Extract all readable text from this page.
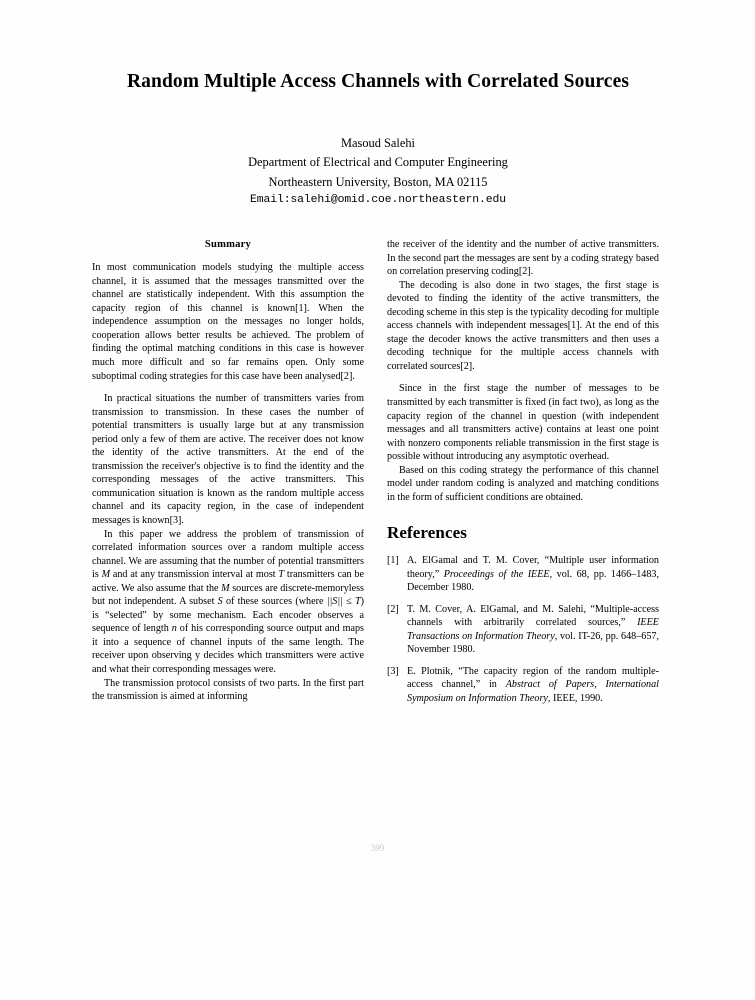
Random Multiple Access Channels with Correlated Sources
Masoud Salehi
Department of Electrical and Computer Engineering
Northeastern University, Boston, MA 02115
Email:salehi@omid.coe.northeastern.edu
Summary

In most communication models studying the multiple access channel, it is assumed that the messages transmitted over the channel are statistically independent. With this assumption the capacity region of this channel is known[1]. When the independence assumption on the messages no longer holds, cooperation allows better results be achieved. The problem of finding the optimal matching conditions in this case is however much more difficult and so far remains open. Only some suboptimal coding strategies for this case have been analysed[2].

In practical situations the number of transmitters varies from transmission to transmission. In these cases the number of potential transmitters is usually large but at any transmission period only a few of them are active. The receiver does not know the identity of the active transmitters. At the end of the transmission the receiver's objective is to find the identity and the corresponding messages of the active transmitters. This communication situation is known as the random multiple access channel and its capacity region, in the case of independent messages is known[3].

In this paper we address the problem of transmission of correlated information sources over a random multiple access channel. We are assuming that the number of potential transmitters is M and at any transmission interval at most T transmitters can be active. We also assume that the M sources are discrete-memoryless but not independent. A subset S of these sources (where ||S|| ≤ T) is “selected” by some mechanism. Each encoder observes a sequence of length n of his corresponding source output and maps it into a sequence of channel inputs of the same length. The receiver upon observing y decides which transmitters were active and what their corresponding messages were.

The transmission protocol consists of two parts. In the first part the transmission is aimed at informing

the receiver of the identity and the number of active transmitters. In the second part the messages are sent by a coding strategy based on correlation preserving coding[2].

The decoding is also done in two stages, the first stage is devoted to finding the identity of the active transmitters, the decoding scheme in this step is the typicality decoding for multiple access channels with independent messages[1]. At the end of this stage the decoder knows the active transmitters and then uses a decoding technique for the multiple access channels with correlated sources[2].

Since in the first stage the number of messages to be transmitted by each transmitter is fixed (in fact two), as long as the capacity region of the channel in question (with independent messages and all transmitters active) contains at least one point with nonzero components reliable transmission in the first stage is possible without introducing any asymptotic overhead.

Based on this coding strategy the performance of this channel model under random coding is analyzed and matching conditions in the form of sufficient conditions are obtained.

References
[1] A. ElGamal and T. M. Cover, “Multiple user information theory,” Proceedings of the IEEE, vol. 68, pp. 1466–1483, December 1980.
[2] T. M. Cover, A. ElGamal, and M. Salehi, “Multiple-access channels with arbitrarily correlated sources,” IEEE Transactions on Information Theory, vol. IT-26, pp. 648–657, November 1980.
[3] E. Plotnik, “The capacity region of the random multiple-access channel,” in Abstract of Papers, International Symposium on Information Theory, IEEE, 1990.
399
